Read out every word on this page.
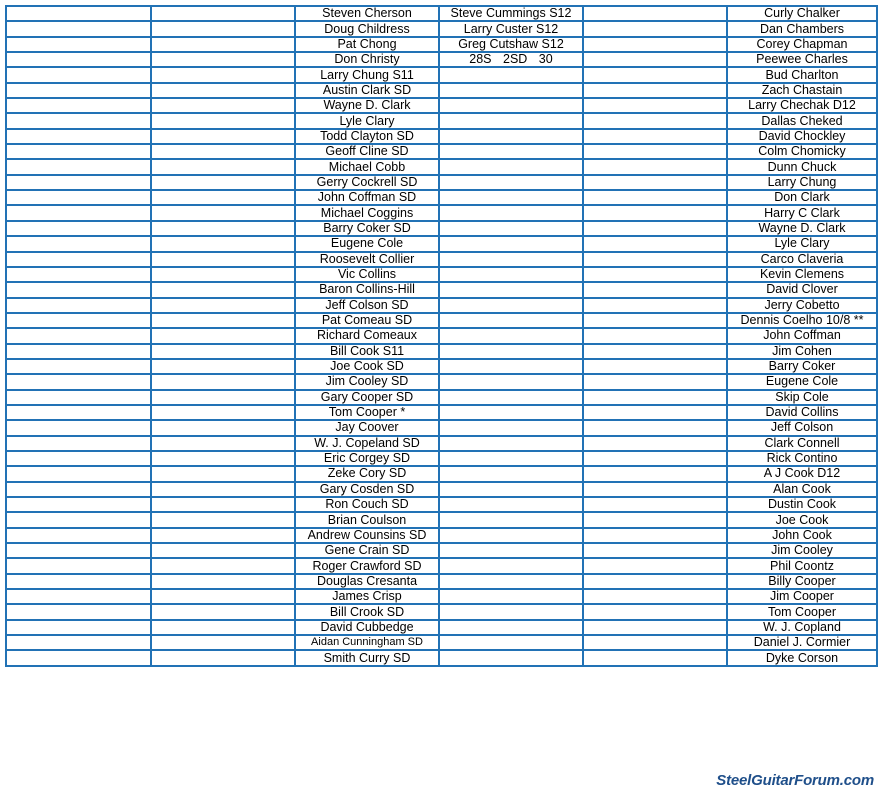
		Steven Cherson	Steve Cummings S12		Curly Chalker
		Doug Childress	Larry Custer S12		Dan Chambers
		Pat Chong	Greg Cutshaw S12		Corey Chapman
		Don Christy	28S 2SD 30		Peewee Charles
		Larry Chung S11			Bud Charlton
		Austin Clark SD			Zach Chastain
		Wayne D. Clark			Larry Chechak D12
		Lyle Clary			Dallas Cheked
		Todd Clayton SD			David Chockley
		Geoff Cline SD			Colm Chomicky
		Michael Cobb			Dunn Chuck
		Gerry Cockrell SD			Larry Chung
		John Coffman SD			Don Clark
		Michael Coggins			Harry C Clark
		Barry Coker SD			Wayne D. Clark
		Eugene Cole			Lyle Clary
		Roosevelt Collier			Carco Claveria
		Vic Collins			Kevin Clemens
		Baron Collins-Hill			David Clover
		Jeff Colson SD			Jerry Cobetto
		Pat Comeau SD			Dennis Coelho 10/8 **
		Richard Comeaux			John Coffman
		Bill Cook S11			Jim Cohen
		Joe Cook SD			Barry Coker
		Jim Cooley SD			Eugene Cole
		Gary Cooper SD			Skip Cole
		Tom Cooper *			David Collins
		Jay Coover			Jeff Colson
		W. J. Copeland SD			Clark Connell
		Eric Corgey SD			Rick Contino
		Zeke Cory SD			A J Cook D12
		Gary Cosden SD			Alan Cook
		Ron Couch SD			Dustin Cook
		Brian Coulson			Joe Cook
		Andrew Counsins SD			John Cook
		Gene Crain SD			Jim Cooley
		Roger Crawford SD			Phil Coontz
		Douglas Cresanta			Billy Cooper
		James Crisp			Jim Cooper
		Bill Crook SD			Tom Cooper
		David Cubbedge			W. J. Copland
		Aidan Cunningham SD			Daniel J. Cormier
		Smith Curry SD			Dyke Corson
SteelGuitarForum.com
